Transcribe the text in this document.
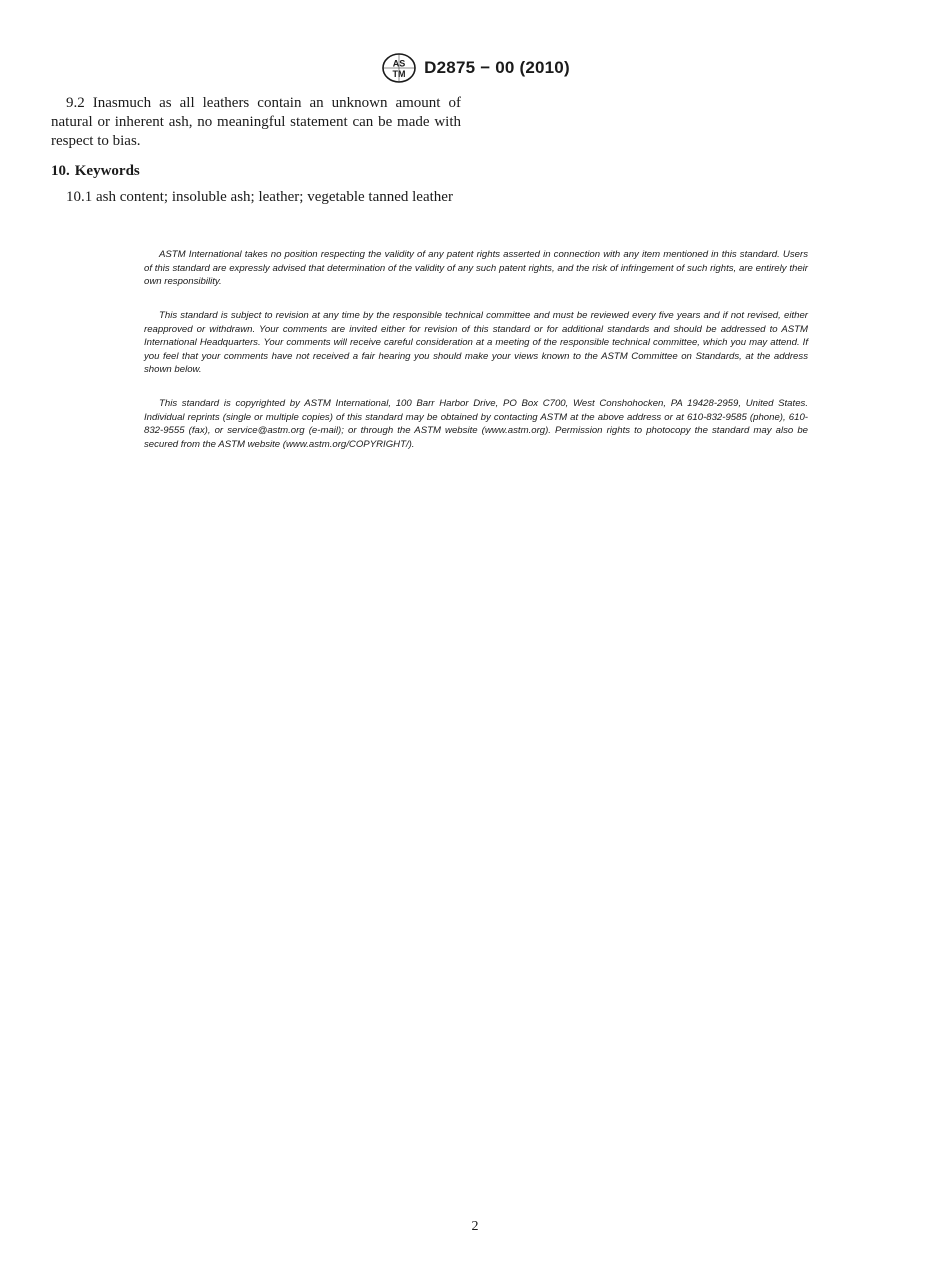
AS
TM D2875 − 00 (2010)

9.2 Inasmuch as all leathers contain an unknown amount of natural or inherent ash, no meaningful statement can be made with respect to bias.

10. Keywords

10.1 ash content; insoluble ash; leather; vegetable tanned leather

ASTM International takes no position respecting the validity of any patent rights asserted in connection with any item mentioned in this standard. Users of this standard are expressly advised that determination of the validity of any such patent rights, and the risk of infringement of such rights, are entirely their own responsibility.

This standard is subject to revision at any time by the responsible technical committee and must be reviewed every five years and if not revised, either reapproved or withdrawn. Your comments are invited either for revision of this standard or for additional standards and should be addressed to ASTM International Headquarters. Your comments will receive careful consideration at a meeting of the responsible technical committee, which you may attend. If you feel that your comments have not received a fair hearing you should make your views known to the ASTM Committee on Standards, at the address shown below.

This standard is copyrighted by ASTM International, 100 Barr Harbor Drive, PO Box C700, West Conshohocken, PA 19428-2959, United States. Individual reprints (single or multiple copies) of this standard may be obtained by contacting ASTM at the above address or at 610-832-9585 (phone), 610-832-9555 (fax), or service@astm.org (e-mail); or through the ASTM website (www.astm.org). Permission rights to photocopy the standard may also be secured from the ASTM website (www.astm.org/COPYRIGHT/).

2
